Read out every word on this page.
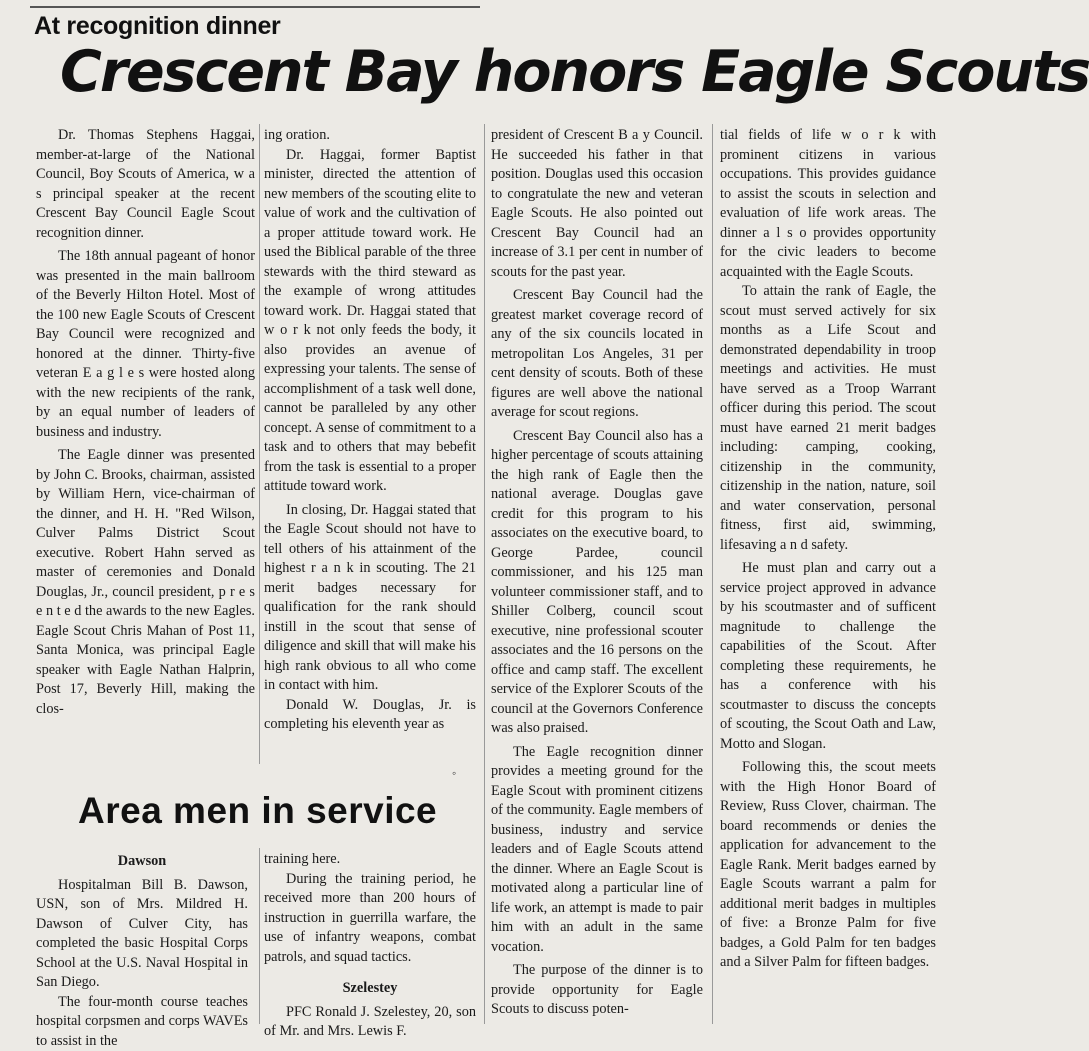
At recognition dinner
Crescent Bay honors Eagle Scouts

Dr. Thomas Stephens Haggai, member-at-large of the National Council, Boy Scouts of America, w a s principal speaker at the recent Crescent Bay Council Eagle Scout recognition dinner.

The 18th annual pageant of honor was presented in the main ballroom of the Beverly Hilton Hotel. Most of the 100 new Eagle Scouts of Crescent Bay Council were recognized and honored at the dinner. Thirty-five veteran E a g l e s were hosted along with the new recipients of the rank, by an equal number of leaders of business and industry.

The Eagle dinner was presented by John C. Brooks, chairman, assisted by William Hern, vice-chairman of the dinner, and H. H. "Red Wilson, Culver Palms District Scout executive. Robert Hahn served as master of ceremonies and Donald Douglas, Jr., council president, p r e s e n t e d the awards to the new Eagles. Eagle Scout Chris Mahan of Post 11, Santa Monica, was principal Eagle speaker with Eagle Nathan Halprin, Post 17, Beverly Hill, making the clos-

ing oration.

Dr. Haggai, former Baptist minister, directed the attention of new members of the scouting elite to value of work and the cultivation of a proper attitude toward work. He used the Biblical parable of the three stewards with the third steward as the example of wrong attitudes toward work. Dr. Haggai stated that w o r k not only feeds the body, it also provides an avenue of expressing your talents. The sense of accomplishment of a task well done, cannot be paralleled by any other concept. A sense of commitment to a task and to others that may bebefit from the task is essential to a proper attitude toward work.

In closing, Dr. Haggai stated that the Eagle Scout should not have to tell others of his attainment of the highest r a n k in scouting. The 21 merit badges necessary for qualification for the rank should instill in the scout that sense of diligence and skill that will make his high rank obvious to all who come in contact with him.

Donald W. Douglas, Jr. is completing his eleventh year as

president of Crescent B a y Council. He succeeded his father in that position. Douglas used this occasion to congratulate the new and veteran Eagle Scouts. He also pointed out Crescent Bay Council had an increase of 3.1 per cent in number of scouts for the past year.

Crescent Bay Council had the greatest market coverage record of any of the six councils located in metropolitan Los Angeles, 31 per cent density of scouts. Both of these figures are well above the national average for scout regions.

Crescent Bay Council also has a higher percentage of scouts attaining the high rank of Eagle then the national average. Douglas gave credit for this program to his associates on the executive board, to George Pardee, council commissioner, and his 125 man volunteer commissioner staff, and to Shiller Colberg, council scout executive, nine professional scouter associates and the 16 persons on the office and camp staff. The excellent service of the Explorer Scouts of the council at the Governors Conference was also praised.

The Eagle recognition dinner provides a meeting ground for the Eagle Scout with prominent citizens of the community. Eagle members of business, industry and service leaders and of Eagle Scouts attend the dinner. Where an Eagle Scout is motivated along a particular line of life work, an attempt is made to pair him with an adult in the same vocation.

The purpose of the dinner is to provide opportunity for Eagle Scouts to discuss poten-

tial fields of life w o r k with prominent citizens in various occupations. This provides guidance to assist the scouts in selection and evaluation of life work areas. The dinner a l s o provides opportunity for the civic leaders to become acquainted with the Eagle Scouts.

To attain the rank of Eagle, the scout must served actively for six months as a Life Scout and demonstrated dependability in troop meetings and activities. He must have served as a Troop Warrant officer during this period. The scout must have earned 21 merit badges including: camping, cooking, citizenship in the community, citizenship in the nation, nature, soil and water conservation, personal fitness, first aid, swimming, lifesaving a n d safety.

He must plan and carry out a service project approved in advance by his scoutmaster and of sufficent magnitude to challenge the capabilities of the Scout. After completing these requirements, he has a conference with his scoutmaster to discuss the concepts of scouting, the Scout Oath and Law, Motto and Slogan.

Following this, the scout meets with the High Honor Board of Review, Russ Clover, chairman. The board recommends or denies the application for advancement to the Eagle Rank. Merit badges earned by Eagle Scouts warrant a palm for additional merit badges in multiples of five: a Bronze Palm for five badges, a Gold Palm for ten badges and a Silver Palm for fifteen badges.

Area men in service

Dawson

Hospitalman Bill B. Dawson, USN, son of Mrs. Mildred H. Dawson of Culver City, has completed the basic Hospital Corps School at the U.S. Naval Hospital in San Diego.

The four-month course teaches hospital corpsmen and corps WAVEs to assist in the

training here.

During the training period, he received more than 200 hours of instruction in guerrilla warfare, the use of infantry weapons, combat patrols, and squad tactics.

Szelestey

PFC Ronald J. Szelestey, 20, son of Mr. and Mrs. Lewis F.

◦
